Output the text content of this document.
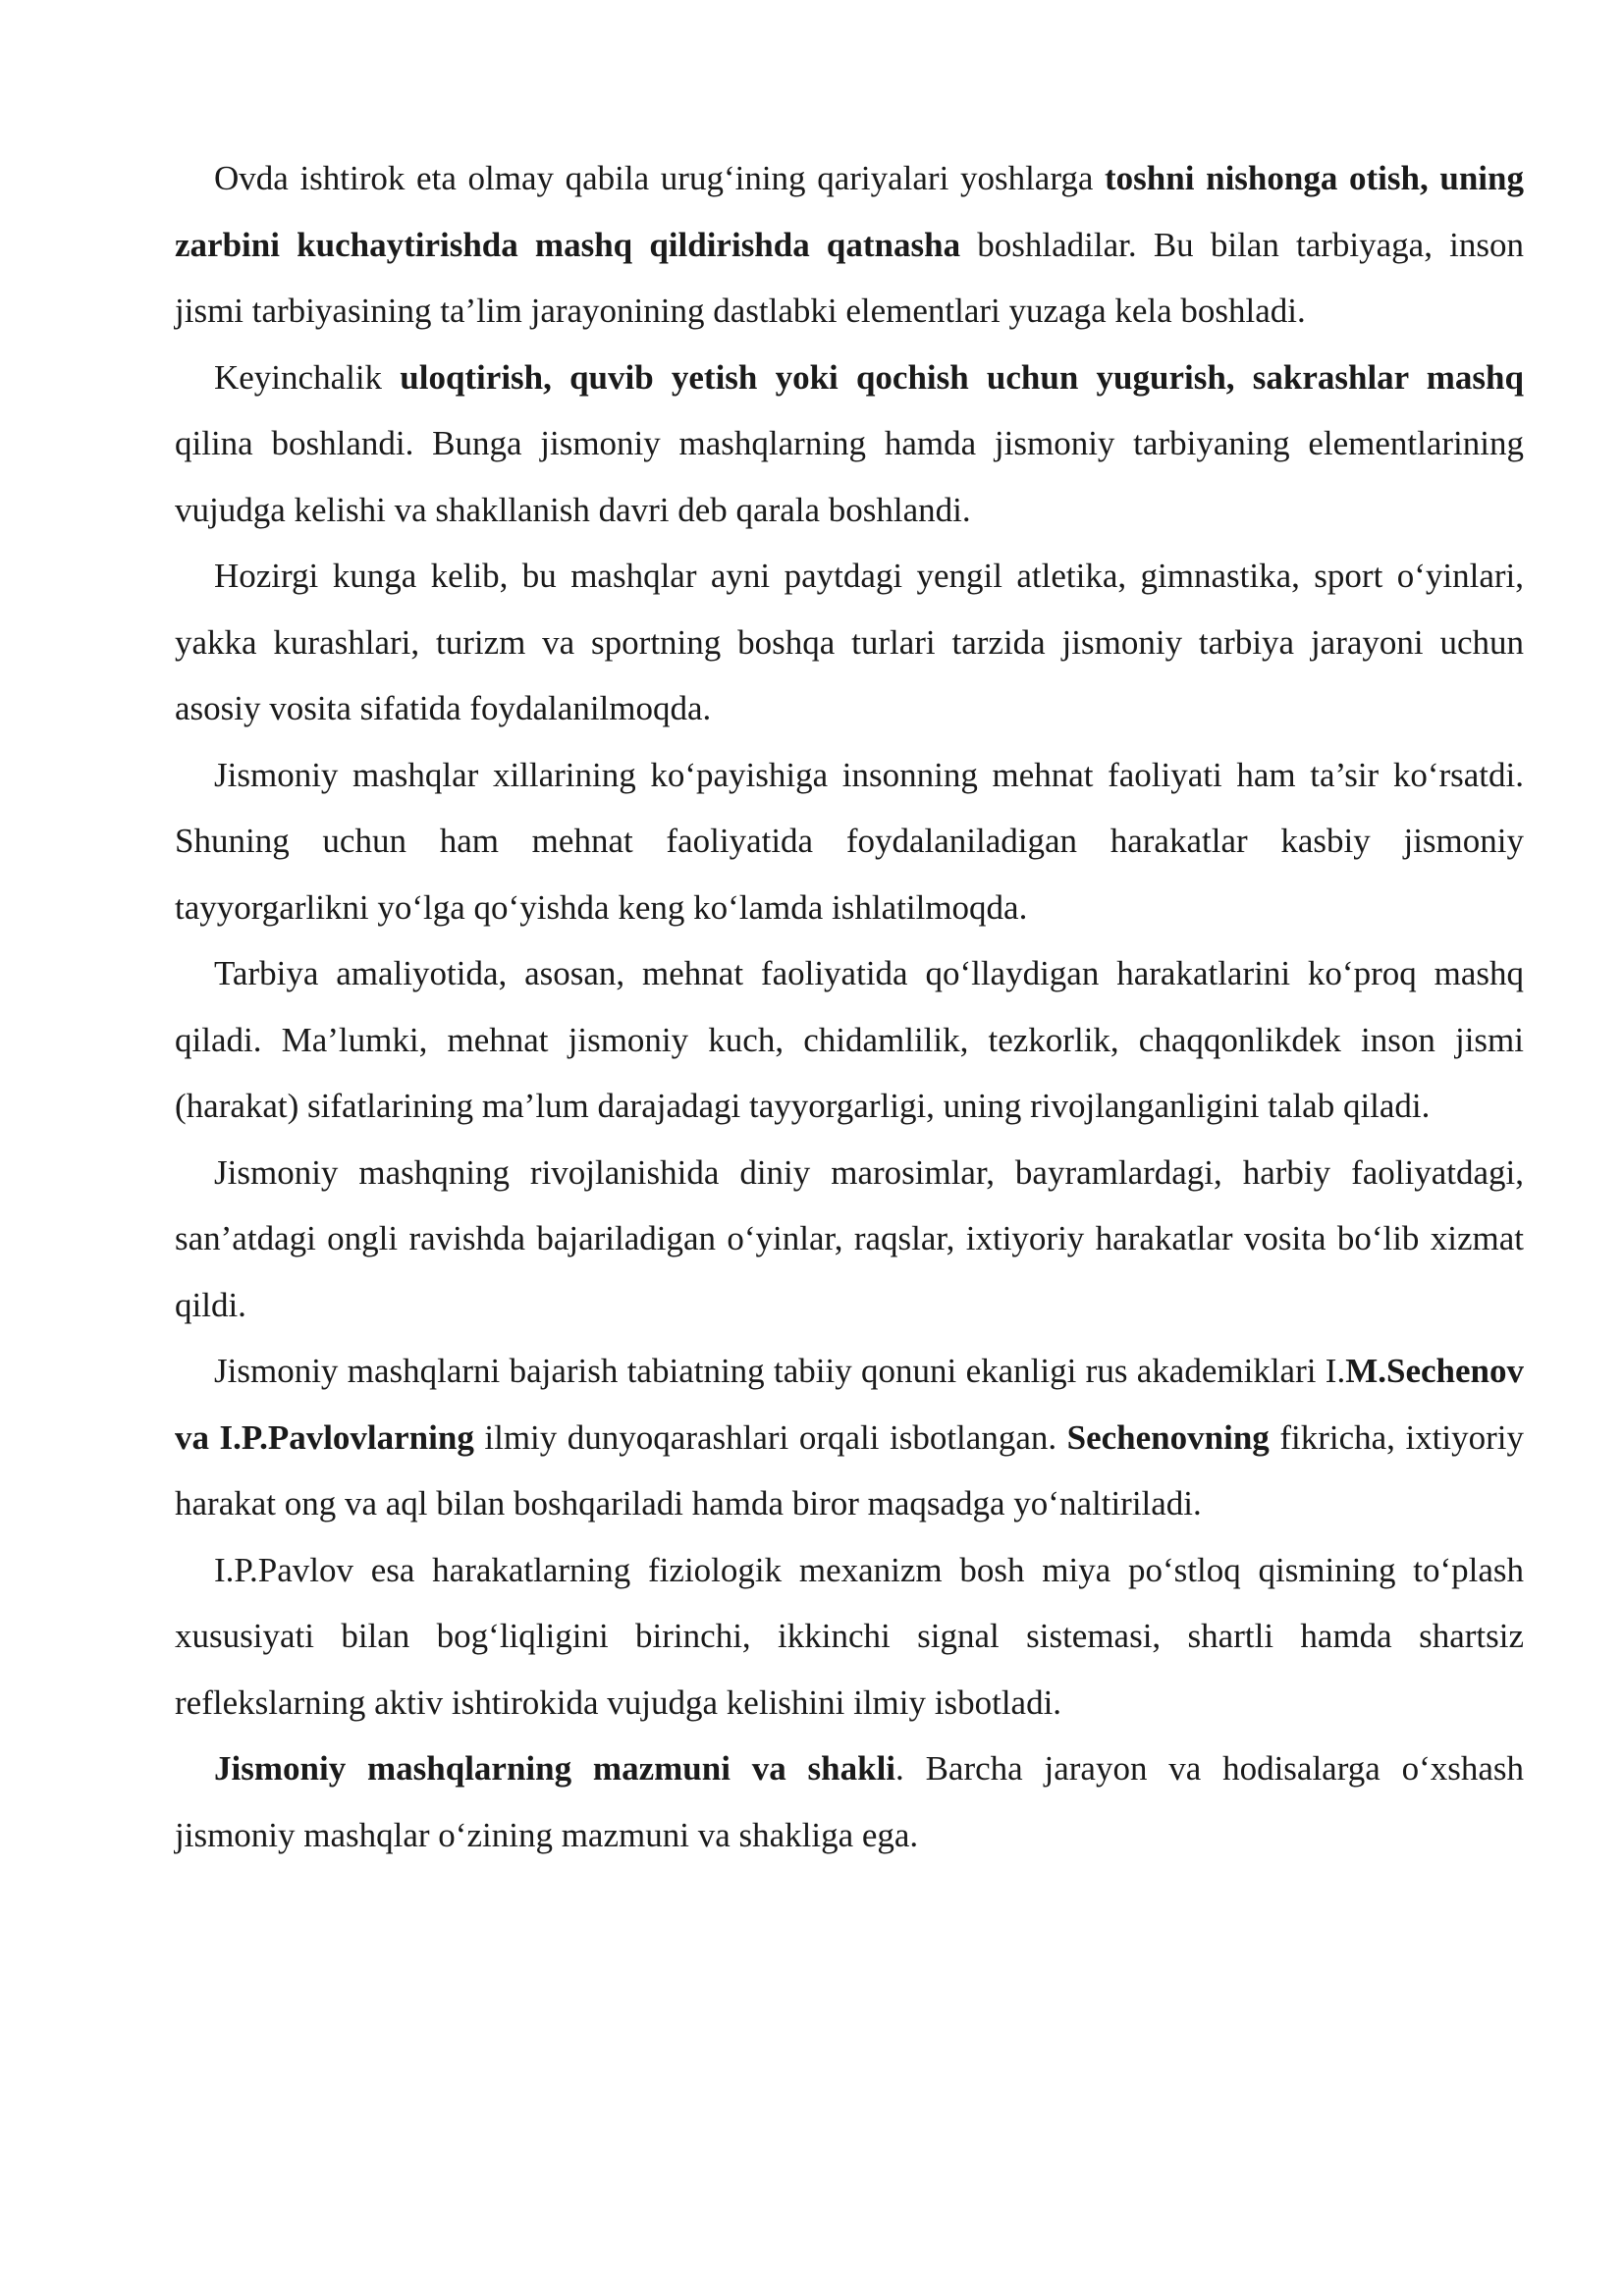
Ovda ishtirok eta olmay qabila urug‘ining qariyalari yoshlarga toshni nishonga otish, uning zarbini kuchaytirishda mashq qildirishda qatnasha boshladilar. Bu bilan tarbiyaga, inson jismi tarbiyasining ta’lim jarayonining dastlabki elementlari yuzaga kela boshladi.

Keyinchalik uloqtirish, quvib yetish yoki qochish uchun yugurish, sakrashlar mashq qilina boshlandi. Bunga jismoniy mashqlarning hamda jismoniy tarbiyaning elementlarining vujudga kelishi va shakllanish davri deb qarala boshlandi.

Hozirgi kunga kelib, bu mashqlar ayni paytdagi yengil atletika, gimnastika, sport o‘yinlari, yakka kurashlari, turizm va sportning boshqa turlari tarzida jismoniy tarbiya jarayoni uchun asosiy vosita sifatida foydalanilmoqda.

Jismoniy mashqlar xillarining ko‘payishiga insonning mehnat faoliyati ham ta’sir ko‘rsatdi. Shuning uchun ham mehnat faoliyatida foydalaniladigan harakatlar kasbiy jismoniy tayyorgarlikni yo‘lga qo‘yishda keng ko‘lamda ishlatilmoqda.

Tarbiya amaliyotida, asosan, mehnat faoliyatida qo‘llaydigan harakatlarini ko‘proq mashq qiladi. Ma’lumki, mehnat jismoniy kuch, chidamlilik, tezkorlik, chaqqonlikdek inson jismi (harakat) sifatlarining ma’lum darajadagi tayyorgarligi, uning rivojlanganligini talab qiladi.

Jismoniy mashqning rivojlanishida diniy marosimlar, bayramlardagi, harbiy faoliyatdagi, san’atdagi ongli ravishda bajariladigan o‘yinlar, raqslar, ixtiyoriy harakatlar vosita bo‘lib xizmat qildi.

Jismoniy mashqlarni bajarish tabiatning tabiiy qonuni ekanligi rus akademiklari I.M.Sechenov va I.P.Pavlovlarning ilmiy dunyoqarashlari orqali isbotlangan. Sechenovning fikricha, ixtiyoriy harakat ong va aql bilan boshqariladi hamda biror maqsadga yo‘naltiriladi.

I.P.Pavlov esa harakatlarning fiziologik mexanizm bosh miya po‘stloq qismining to‘plash xususiyati bilan bog‘liqligini birinchi, ikkinchi signal sistemasi, shartli hamda shartsiz reflekslarning aktiv ishtirokida vujudga kelishini ilmiy isbotladi.

Jismoniy mashqlarning mazmuni va shakli. Barcha jarayon va hodisalarga o‘xshash jismoniy mashqlar o‘zining mazmuni va shakliga ega.
